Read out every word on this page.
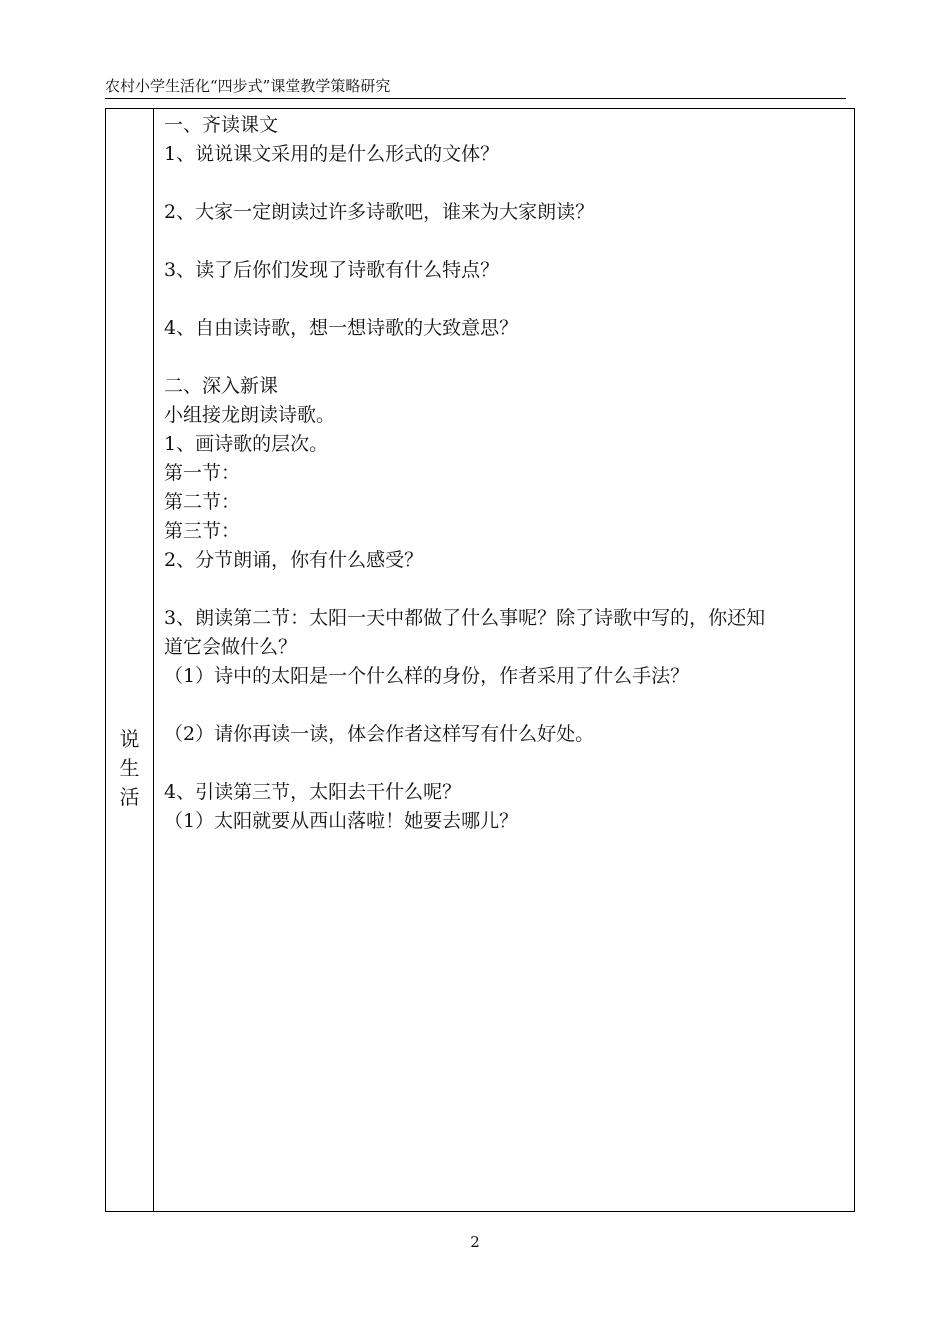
农村小学生活化“四步式”课堂教学策略研究
说
生
活
一、齐读课文
1、说说课文采用的是什么形式的文体？
2、大家一定朗读过许多诗歌吧，谁来为大家朗读？
3、读了后你们发现了诗歌有什么特点？
4、自由读诗歌，想一想诗歌的大致意思？
二、深入新课
小组接龙朗读诗歌。
1、画诗歌的层次。
第一节：
第二节：
第三节：
2、分节朗诵，你有什么感受？
3、朗读第二节：太阳一天中都做了什么事呢？除了诗歌中写的，你还知
道它会做什么？
（1）诗中的太阳是一个什么样的身份，作者采用了什么手法？
（2）请你再读一读，体会作者这样写有什么好处。
4、引读第三节，太阳去干什么呢？
（1）太阳就要从西山落啦！她要去哪儿？
2
